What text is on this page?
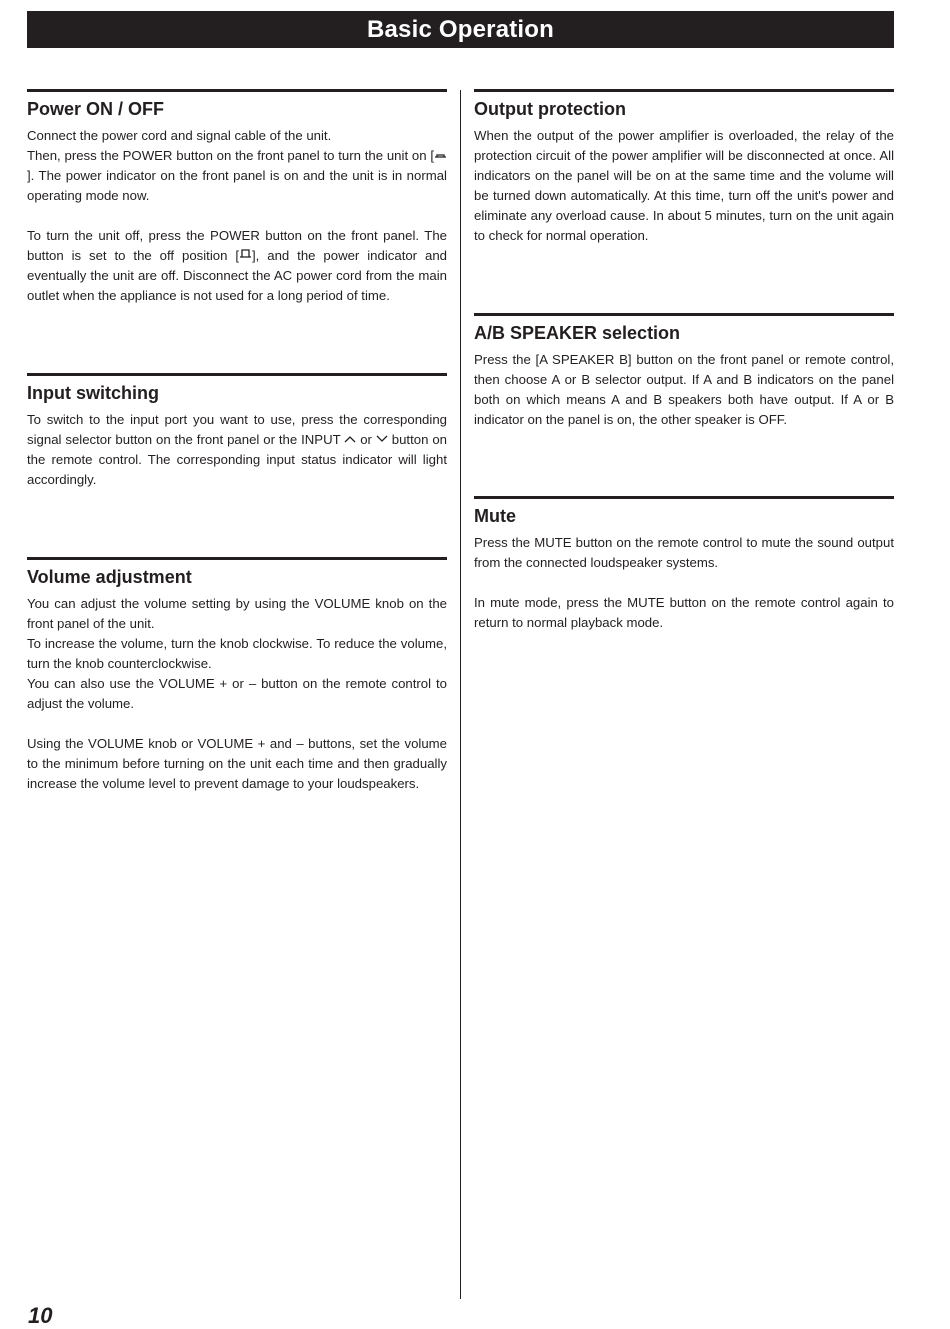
Basic Operation
Power ON / OFF

Connect the power cord and signal cable of the unit.

Then, press the POWER button on the front panel to turn the unit on []. The power indicator on the front panel is on and the unit is in normal operating mode now.

To turn the unit off, press the POWER button on the front panel. The button is set to the off position [ ], and the power indicator and eventually the unit are off. Disconnect the AC power cord from the main outlet when the appliance is not used for a long period of time.

Input switching

To switch to the input port you want to use, press the corresponding signal selector button on the front panel or the INPUT  or  button on the remote control. The corresponding input status indicator will light accordingly.

Volume adjustment

You can adjust the volume setting by using the VOLUME knob on the front panel of the unit.

To increase the volume, turn the knob clockwise. To reduce the volume, turn the knob counterclockwise.

You can also use the VOLUME + or – button on the remote control to adjust the volume.

Using the VOLUME knob or VOLUME + and – buttons, set the volume to the minimum before turning on the unit each time and then gradually increase the volume level to prevent damage to your loudspeakers.

Output protection

When the output of the power amplifier is overloaded, the relay of the protection circuit of the power amplifier will be disconnected at once. All indicators on the panel will be on at the same time and the volume will be turned down automatically. At this time, turn off the unit's power and eliminate any overload cause. In about 5 minutes, turn on the unit again to check for normal operation.

A/B SPEAKER selection

Press the [A SPEAKER B] button on the front panel or remote control, then choose A or B selector output. If A and B indicators on the panel both on which means A and B speakers both have output. If A or B indicator on the panel is on, the other speaker is OFF.

Mute

Press the MUTE button on the remote control to mute the sound output from the connected loudspeaker systems.

In mute mode, press the MUTE button on the remote control again to return to normal playback mode.

10
